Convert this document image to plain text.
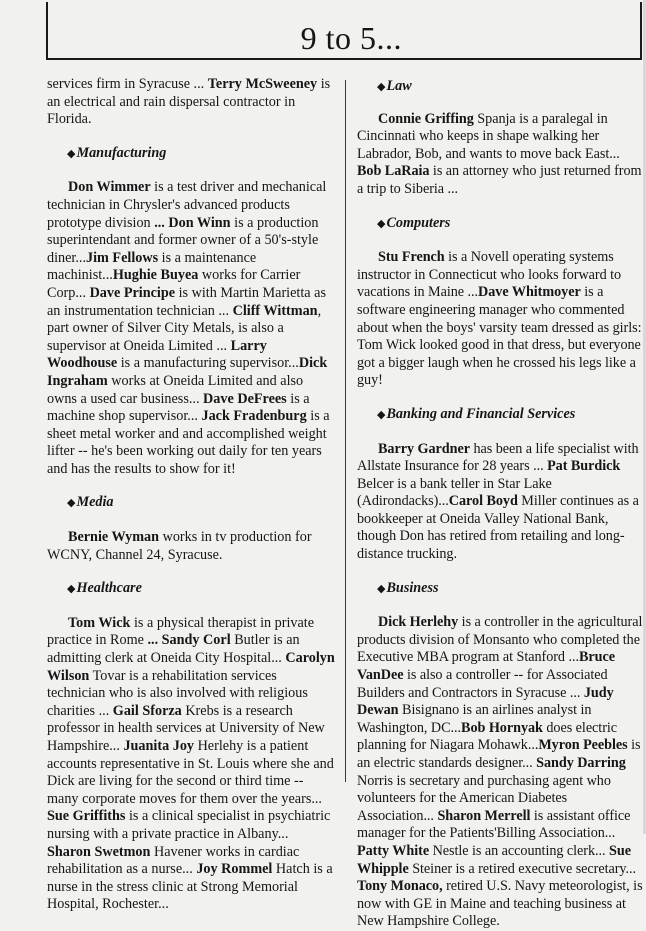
9 to 5...

services firm in Syracuse ... Terry McSweeney is an electrical and rain dispersal contractor in Florida.

◆Manufacturing

Don Wimmer is a test driver and mechanical technician in Chrysler's advanced products prototype division ... Don Winn is a production superintendant and former owner of a 50's-style diner...Jim Fellows is a maintenance machinist...Hughie Buyea works for Carrier Corp... Dave Principe is with Martin Marietta as an instrumentation technician ... Cliff Wittman, part owner of Silver City Metals, is also a supervisor at Oneida Limited ... Larry Woodhouse is a manufacturing supervisor...Dick Ingraham works at Oneida Limited and also owns a used car business... Dave DeFrees is a machine shop supervisor... Jack Fradenburg is a sheet metal worker and and accomplished weight lifter -- he's been working out daily for ten years and has the results to show for it!

◆Media

Bernie Wyman works in tv production for WCNY, Channel 24, Syracuse.

◆Healthcare

Tom Wick is a physical therapist in private practice in Rome ... Sandy Corl Butler is an admitting clerk at Oneida City Hospital... Carolyn Wilson Tovar is a rehabilitation services technician who is also involved with religious charities ... Gail Sforza Krebs is a research professor in health services at University of New Hampshire... Juanita Joy Herlehy is a patient accounts representative in St. Louis where she and Dick are living for the second or third time -- many corporate moves for them over the years... Sue Griffiths is a clinical specialist in psychiatric nursing with a private practice in Albany... Sharon Swetmon Havener works in cardiac rehabilitation as a nurse... Joy Rommel Hatch is a nurse in the stress clinic at Strong Memorial Hospital, Rochester...

◆Law

Connie Griffing Spanja is a paralegal in Cincinnati who keeps in shape walking her Labrador, Bob, and wants to move back East... Bob LaRaia is an attorney who just returned from a trip to Siberia ...

◆Computers

Stu French is a Novell operating systems instructor in Connecticut who looks forward to vacations in Maine ...Dave Whitmoyer is a software engineering manager who commented about when the boys' varsity team dressed as girls: Tom Wick looked good in that dress, but everyone got a bigger laugh when he crossed his legs like a guy!

◆Banking and Financial Services

Barry Gardner has been a life specialist with Allstate Insurance for 28 years ... Pat Burdick Belcer is a bank teller in Star Lake (Adirondacks)...Carol Boyd Miller continues as a bookkeeper at Oneida Valley National Bank, though Don has retired from retailing and long-distance trucking.

◆Business

Dick Herlehy is a controller in the agricultural products division of Monsanto who completed the Executive MBA program at Stanford ...Bruce VanDee is also a controller -- for Associated Builders and Contractors in Syracuse ... Judy Dewan Bisignano is an airlines analyst in Washington, DC...Bob Hornyak does electric planning for Niagara Mohawk...Myron Peebles is an electric standards designer... Sandy Darring Norris is secretary and purchasing agent who volunteers for the American Diabetes Association... Sharon Merrell is assistant office manager for the Patients'Billing Association... Patty White Nestle is an accounting clerk... Sue Whipple Steiner is a retired executive secretary... Tony Monaco, retired U.S. Navy meteorologist, is now with GE in Maine and teaching business at New Hampshire College.
